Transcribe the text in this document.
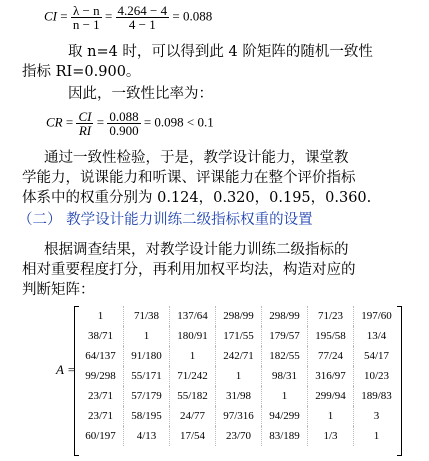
CI = $\frac{\lambda - n}{n - 1} = \frac{4.264 - 4}{4 - 1} = 0.088$
取 n=4 时，可以得到此 4 阶矩阵的随机一致性
指标 RI=0.900。
因此，一致性比率为：
CR = $\frac{CI}{RI} = \frac{0.088}{0.900} = 0.098 < 0.1$
通过一致性检验，于是，教学设计能力，课堂教
学能力，说课能力和听课、评课能力在整个评价指标
体系中的权重分别为 0.124，0.320，0.195，0.360.
（二） 教学设计能力训练二级指标权重的设置
根据调查结果，对教学设计能力训练二级指标的
相对重要程度打分，再利用加权平均法，构造对应的
判断矩阵：
A =
1	71/38	137/64	298/99	298/99	71/23	197/60
38/71	1	180/91	171/55	179/57	195/58	13/4
64/137	91/180	1	242/71	182/55	77/24	54/17
99/298	55/171	71/242	1	98/31	316/97	10/23
23/71	57/179	55/182	31/98	1	299/94	189/83
23/71	58/195	24/77	97/316	94/299	1	3
60/197	4/13	17/54	23/70	83/189	1/3	1
